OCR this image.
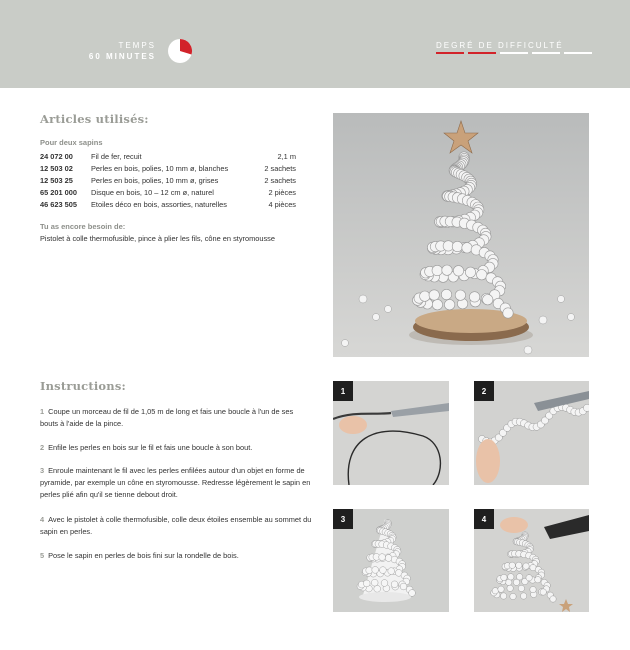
TEMPS
60 MINUTES
DEGRÉ DE DIFFICULTÉ
Articles utilisés:
Pour deux sapins
24 072 00	Fil de fer, recuit	2,1 m
12 503 02	Perles en bois, polies, 10 mm ø, blanches	2 sachets
12 503 25	Perles en bois, polies, 10 mm ø, grises	2 sachets
65 201 000	Disque en bois, 10 – 12 cm ø, naturel	2 pièces
46 623 505	Etoiles déco en bois, assorties, naturelles	4 pièces
Tu as encore besoin de:
Pistolet à colle thermofusible, pince à plier les fils, cône en styromousse
Instructions:
1 Coupe un morceau de fil de 1,05 m de long et fais une boucle à l'un de ses bouts à l'aide de la pince.
2 Enfile les perles en bois sur le fil et fais une boucle à son bout.
3 Enroule maintenant le fil avec les perles enfilées autour d'un objet en forme de pyramide, par exemple un cône en styromousse. Redresse légèrement le sapin en perles plié afin qu'il se tienne debout droit.
4 Avec le pistolet à colle thermofusible, colle deux étoiles ensemble au sommet du sapin en perles.
5 Pose le sapin en perles de bois fini sur la rondelle de bois.
1	2
3	4
